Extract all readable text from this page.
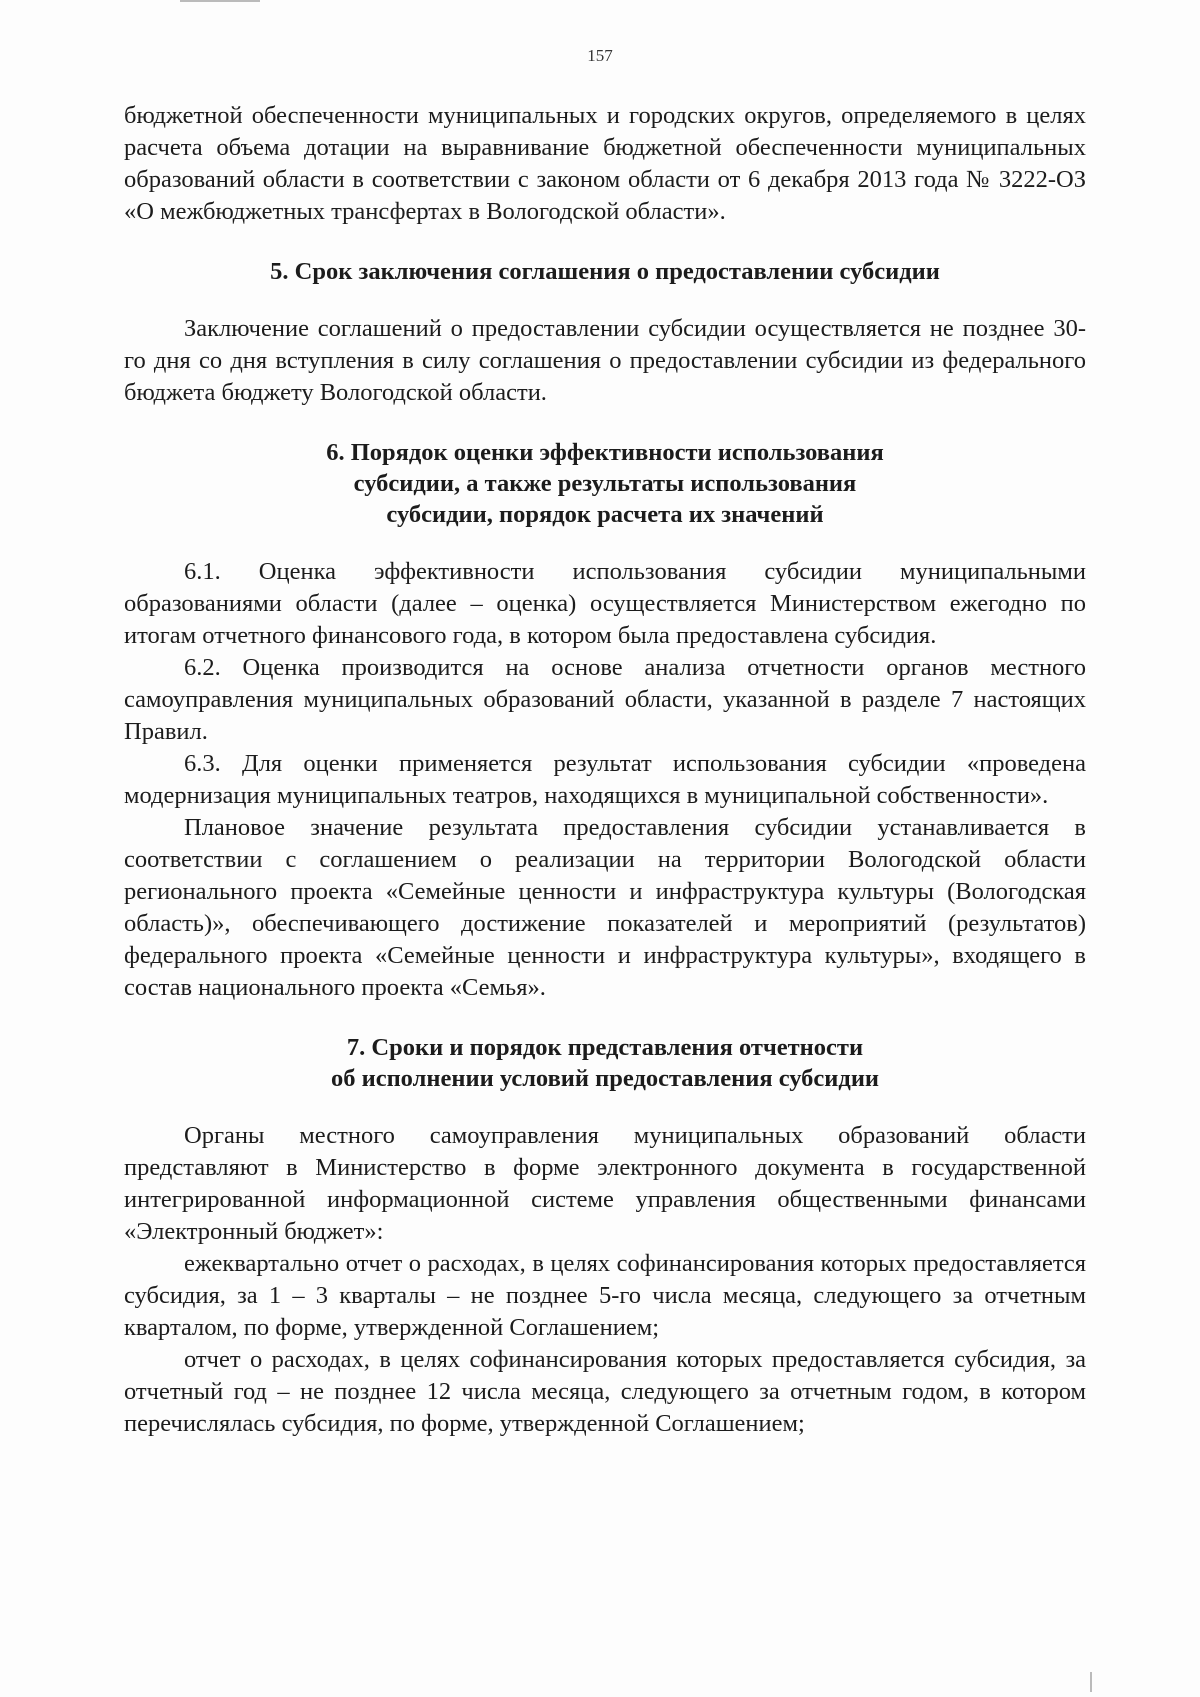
157

бюджетной обеспеченности муниципальных и городских округов, определяемого в целях расчета объема дотации на выравнивание бюджетной обеспеченности муниципальных образований области в соответствии с законом области от 6 декабря 2013 года № 3222-ОЗ «О межбюджетных трансфертах в Вологодской области».

5. Срок заключения соглашения о предоставлении субсидии

Заключение соглашений о предоставлении субсидии осуществляется не позднее 30-го дня со дня вступления в силу соглашения о предоставлении субсидии из федерального бюджета бюджету Вологодской области.

6. Порядок оценки эффективности использования
субсидии, а также результаты использования
субсидии, порядок расчета их значений

6.1. Оценка эффективности использования субсидии муниципальными образованиями области (далее – оценка) осуществляется Министерством ежегодно по итогам отчетного финансового года, в котором была предоставлена субсидия.

6.2. Оценка производится на основе анализа отчетности органов местного самоуправления муниципальных образований области, указанной в разделе 7 настоящих Правил.

6.3. Для оценки применяется результат использования субсидии «проведена модернизация муниципальных театров, находящихся в муниципальной собственности».

Плановое значение результата предоставления субсидии устанавливается в соответствии с соглашением о реализации на территории Вологодской области регионального проекта «Семейные ценности и инфраструктура культуры (Вологодская область)», обеспечивающего достижение показателей и мероприятий (результатов) федерального проекта «Семейные ценности и инфраструктура культуры», входящего в состав национального проекта «Семья».

7. Сроки и порядок представления отчетности
об исполнении условий предоставления субсидии

Органы местного самоуправления муниципальных образований области представляют в Министерство в форме электронного документа в государственной интегрированной информационной системе управления общественными финансами «Электронный бюджет»:

ежеквартально отчет о расходах, в целях софинансирования которых предоставляется субсидия, за 1 – 3 кварталы – не позднее 5-го числа месяца, следующего за отчетным кварталом, по форме, утвержденной Соглашением;

отчет о расходах, в целях софинансирования которых предоставляется субсидия, за отчетный год – не позднее 12 числа месяца, следующего за отчетным годом, в котором перечислялась субсидия, по форме, утвержденной Соглашением;
